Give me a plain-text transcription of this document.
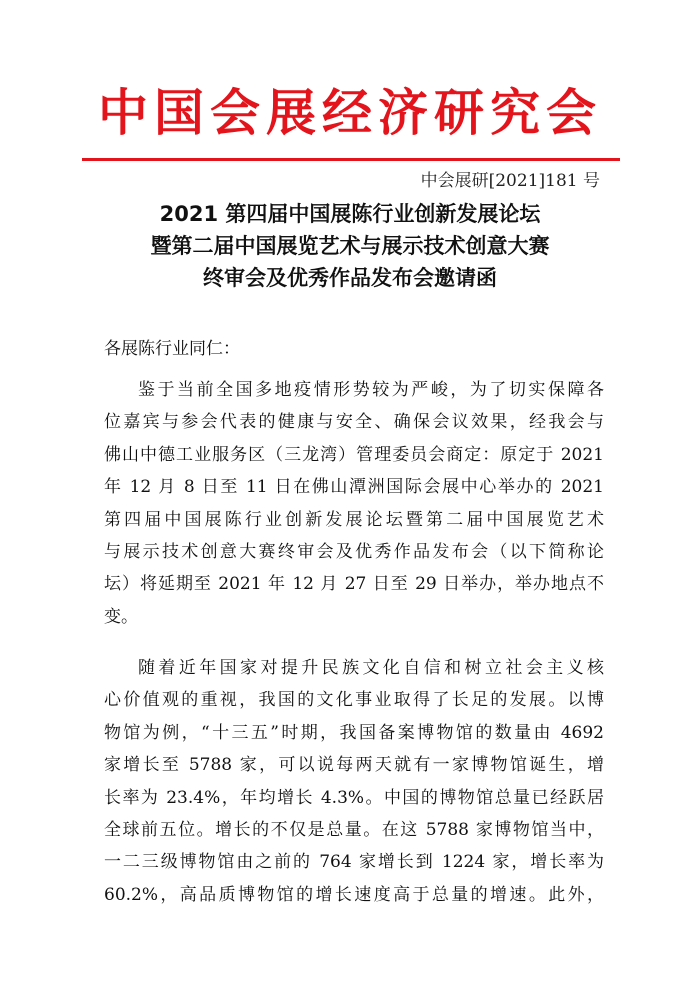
中国会展经济研究会
中会展研[2021]181 号
2021 第四届中国展陈行业创新发展论坛
暨第二届中国展览艺术与展示技术创意大赛
终审会及优秀作品发布会邀请函
各展陈行业同仁：
鉴于当前全国多地疫情形势较为严峻，为了切实保障各
位嘉宾与参会代表的健康与安全、确保会议效果，经我会与
佛山中德工业服务区（三龙湾）管理委员会商定：原定于 2021
年 12 月 8 日至 11 日在佛山潭洲国际会展中心举办的 2021
第四届中国展陈行业创新发展论坛暨第二届中国展览艺术
与展示技术创意大赛终审会及优秀作品发布会（以下简称论
坛）将延期至 2021 年 12 月 27 日至 29 日举办，举办地点不
变。
随着近年国家对提升民族文化自信和树立社会主义核
心价值观的重视，我国的文化事业取得了长足的发展。以博
物馆为例，“十三五”时期，我国备案博物馆的数量由 4692
家增长至 5788 家，可以说每两天就有一家博物馆诞生，增
长率为 23.4%，年均增长 4.3%。中国的博物馆总量已经跃居
全球前五位。增长的不仅是总量。在这 5788 家博物馆当中，
一二三级博物馆由之前的 764 家增长到 1224 家，增长率为
60.2%，高品质博物馆的增长速度高于总量的增速。此外，
